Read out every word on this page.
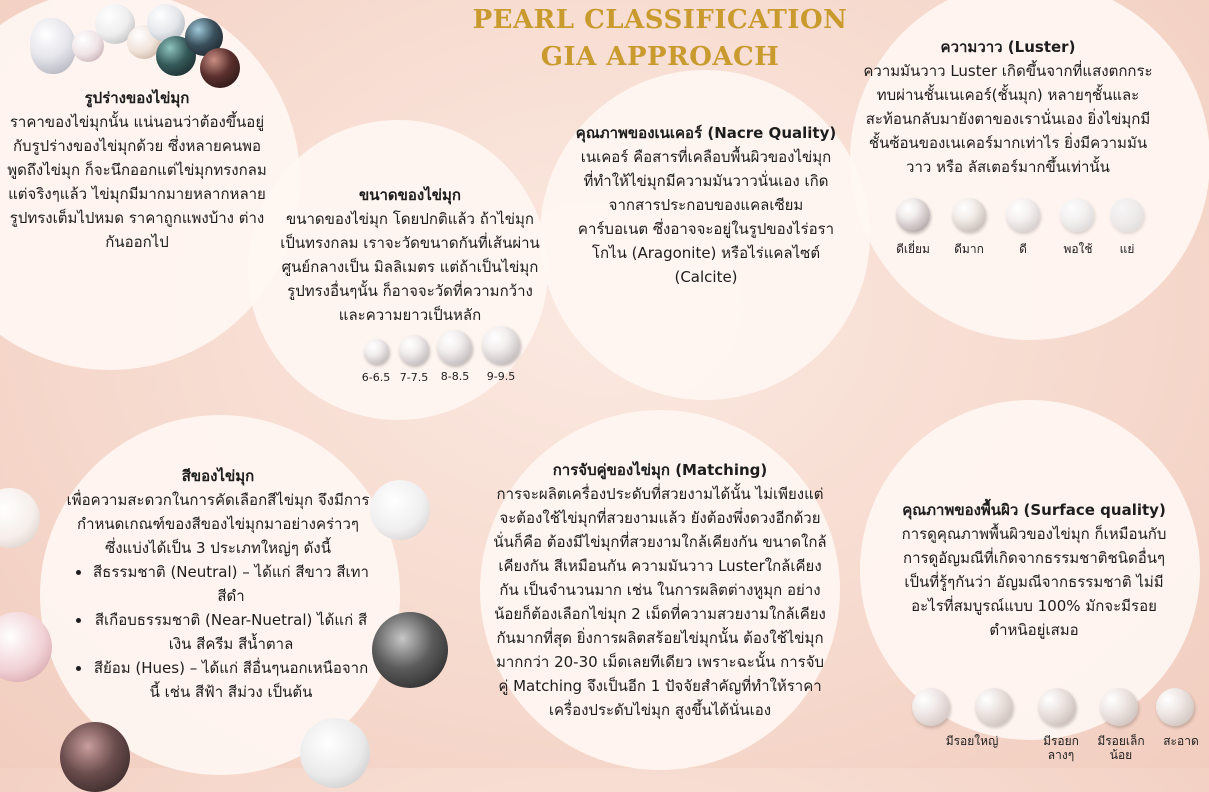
PEARL CLASSIFICATION
GIA APPROACH
รูปร่างของไข่มุก

ราคาของไข่มุกนั้น แน่นอนว่าต้องขึ้นอยู่กับรูปร่างของไข่มุกด้วย ซึ่งหลายคนพอพูดถึงไข่มุก ก็จะนึกออกแต่ไข่มุกทรงกลม แต่จริงๆแล้ว ไข่มุกมีมากมายหลากหลายรูปทรงเต็มไปหมด ราคาถูกแพงบ้าง ต่างกันออกไป

ขนาดของไข่มุก

ขนาดของไข่มุก โดยปกติแล้ว ถ้าไข่มุกเป็นทรงกลม เราจะวัดขนาดกันที่เส้นผ่านศูนย์กลางเป็น มิลลิเมตร แต่ถ้าเป็นไข่มุกรูปทรงอื่นๆนั้น ก็อาจจะวัดที่ความกว้าง และความยาวเป็นหลัก

6-6.5 7-7.5	8-8.5	9-9.5
คุณภาพของเนเคอร์ (Nacre Quality)

เนเคอร์ คือสารที่เคลือบพื้นผิวของไข่มุก ที่ทำให้ไข่มุกมีความมันวาวนั่นเอง เกิดจากสารประกอบของแคลเซียมคาร์บอเนต ซึ่งอาจจะอยู่ในรูปของไร่อราโกไน (Aragonite) หรือไร่แคลไซต์ (Calcite)

ความวาว (Luster)

ความมันวาว Luster เกิดขึ้นจากที่แสงตกกระทบผ่านชั้นเนเคอร์(ชั้นมุก) หลายๆชั้นและสะท้อนกลับมายังตาของเรานั่นเอง ยิ่งไข่มุกมีชั้นซ้อนของเนเคอร์มากเท่าไร ยิ่งมีความมันวาว หรือ ลัสเตอร์มากขึ้นเท่านั้น

ดีเยี่ยม	ดีมาก	ดี	พอใช้	แย่
สีของไข่มุก

เพื่อความสะดวกในการคัดเลือกสีไข่มุก จึงมีการกำหนดเกณฑ์ของสีของไข่มุกมาอย่างคร่าวๆ ซึ่งแบ่งได้เป็น 3 ประเภทใหญ่ๆ ดังนี้

• สีธรรมชาติ (Neutral) – ได้แก่ สีขาว สีเทา สีดำ
• สีเกือบธรรมชาติ (Near-Nuetral) ได้แก่ สีเงิน สีครีม สีน้ำตาล
• สีย้อม (Hues) – ได้แก่ สีอื่นๆนอกเหนือจากนี้ เช่น สีฟ้า สีม่วง เป็นต้น
การจับคู่ของไข่มุก (Matching)

การจะผลิตเครื่องประดับที่สวยงามได้นั้น ไม่เพียงแต่จะต้องใช้ไข่มุกที่สวยงามแล้ว ยังต้องพึ่งดวงอีกด้วย นั่นก็คือ ต้องมีไข่มุกที่สวยงามใกล้เคียงกัน ขนาดใกล้เคียงกัน สีเหมือนกัน ความมันวาว Lusterใกล้เคียงกัน เป็นจำนวนมาก เช่น ในการผลิตต่างหูมุก อย่างน้อยก็ต้องเลือกไข่มุก 2 เม็ดที่ความสวยงามใกล้เคียงกันมากที่สุด ยิ่งการผลิตสร้อยไข่มุกนั้น ต้องใช้ไข่มุกมากกว่า 20-30 เม็ดเลยทีเดียว เพราะฉะนั้น การจับคู่ Matching จึงเป็นอีก 1 ปัจจัยสำคัญที่ทำให้ราคาเครื่องประดับไข่มุก สูงขึ้นได้นั่นเอง

คุณภาพของพื้นผิว (Surface quality)

การดูคุณภาพพื้นผิวของไข่มุก ก็เหมือนกับการดูอัญมณีที่เกิดจากธรรมชาติชนิดอื่นๆ เป็นที่รู้ๆกันว่า อัญมณีจากธรรมชาติ ไม่มีอะไรที่สมบูรณ์แบบ 100% มักจะมีรอยตำหนิอยู่เสมอ

มีรอยใหญ่	มีรอยกลางๆ
มีรอยเล็กน้อย
สะอาด
